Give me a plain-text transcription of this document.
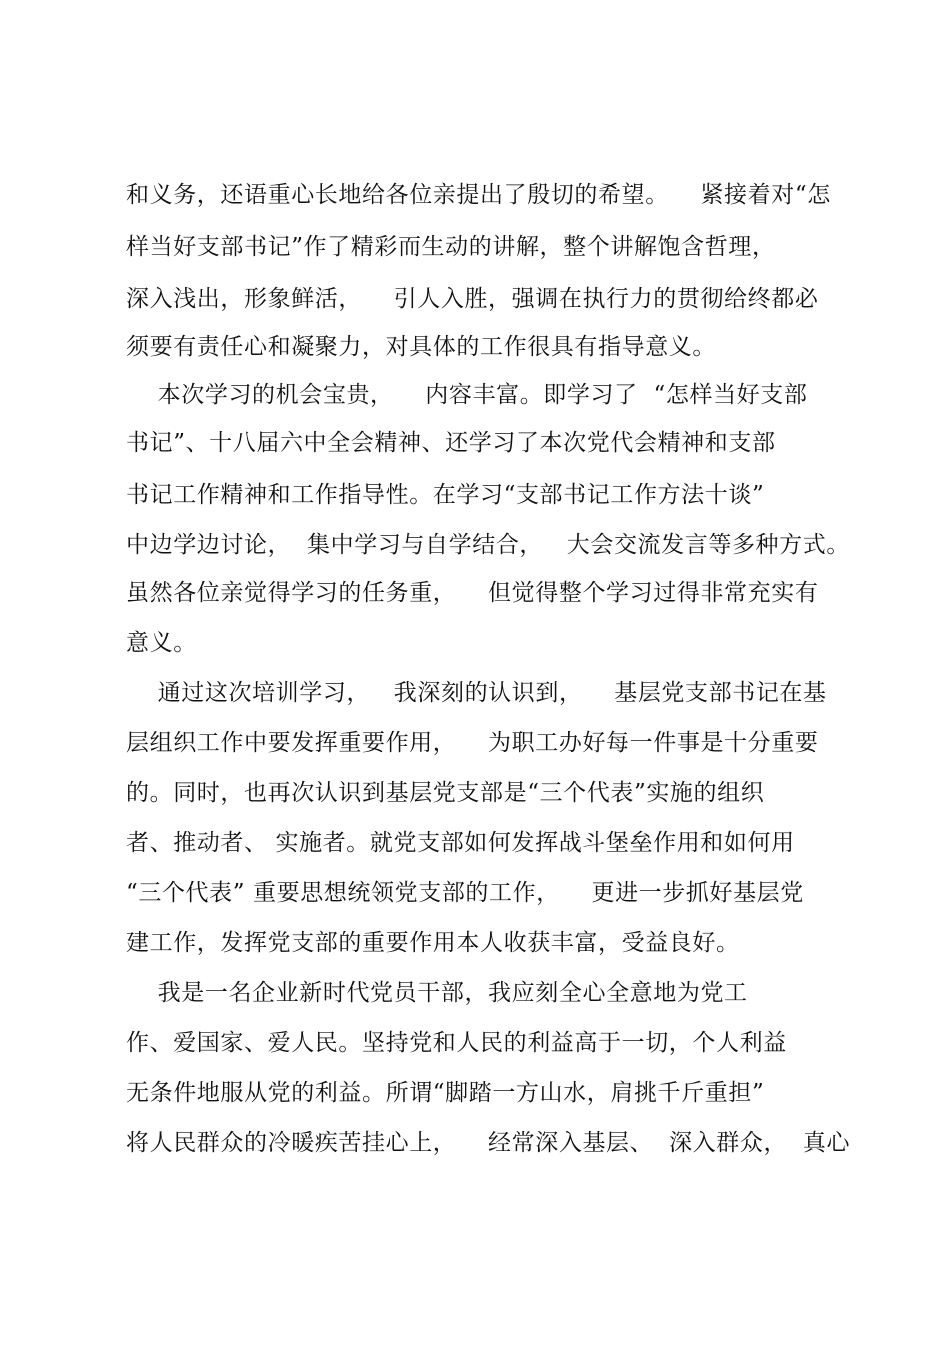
和义务，还语重心长地给各位亲提出了殷切的希望。    紧接着对“怎
样当好支部书记”作了精彩而生动的讲解，整个讲解饱含哲理，
深入浅出，形象鲜活，    引人入胜，强调在执行力的贯彻给终都必
须要有责任心和凝聚力，对具体的工作很具有指导意义。
本次学习的机会宝贵，    内容丰富。即学习了  “怎样当好支部
书记”、十八届六中全会精神、还学习了本次党代会精神和支部
书记工作精神和工作指导性。在学习“支部书记工作方法十谈”
中边学边讨论，  集中学习与自学结合，   大会交流发言等多种方式。
虽然各位亲觉得学习的任务重，    但觉得整个学习过得非常充实有
意义。
通过这次培训学习，   我深刻的认识到，    基层党支部书记在基
层组织工作中要发挥重要作用，    为职工办好每一件事是十分重要
的。同时，也再次认识到基层党支部是“三个代表”实施的组织
者、推动者、 实施者。就党支部如何发挥战斗堡垒作用和如何用
“三个代表” 重要思想统领党支部的工作，    更进一步抓好基层党
建工作，发挥党支部的重要作用本人收获丰富，受益良好。
我是一名企业新时代党员干部，我应刻全心全意地为党工
作、爱国家、爱人民。坚持党和人民的利益高于一切，个人利益
无条件地服从党的利益。所谓“脚踏一方山水，肩挑千斤重担”
将人民群众的冷暖疾苦挂心上，    经常深入基层、  深入群众，  真心
